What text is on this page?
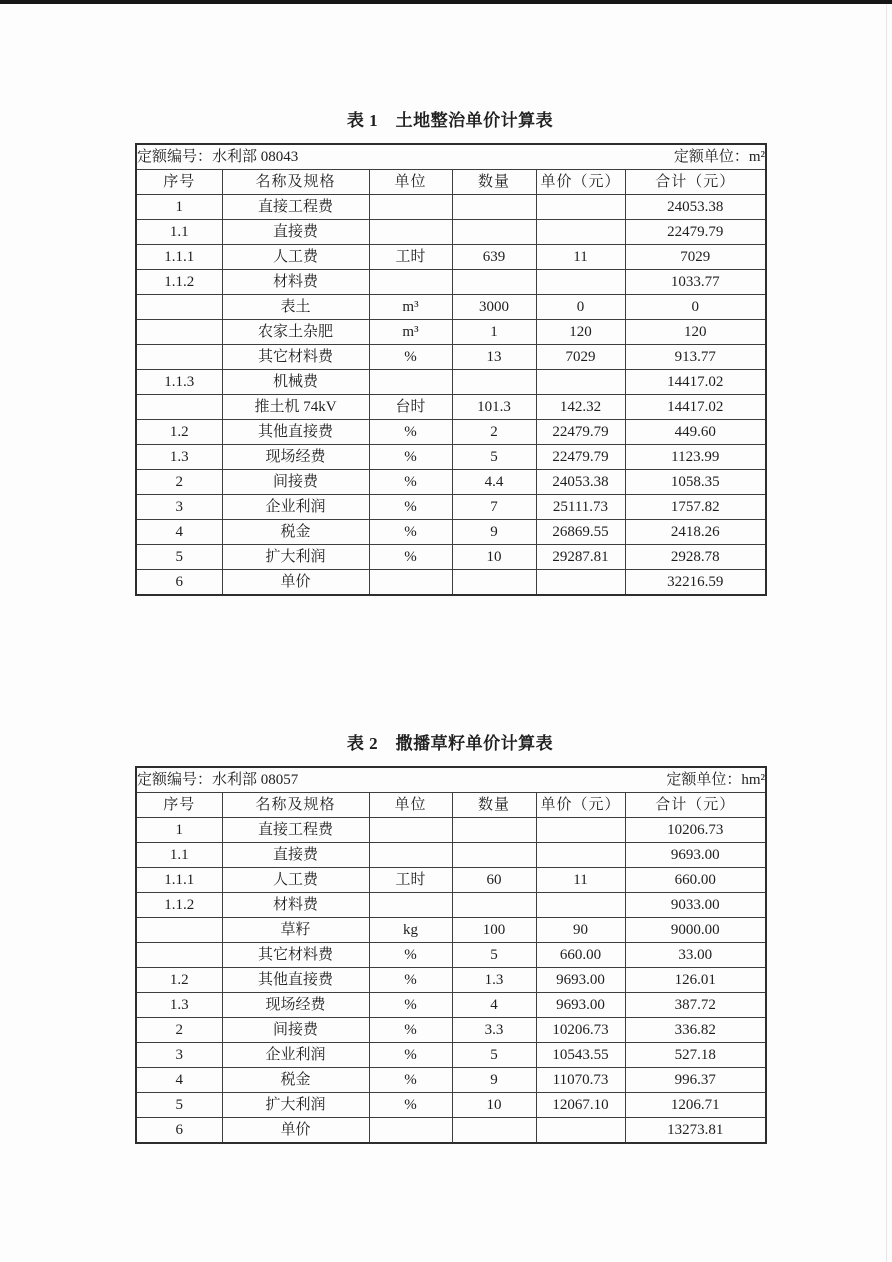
表 1　土地整治单价计算表
定额编号：水利部 08043 定额单位：m²					

序号	名称及规格	单位	数量	单价（元）	合计（元）
1	直接工程费				24053.38
1.1	直接费				22479.79
1.1.1	人工费	工时	639	11	7029
1.1.2	材料费				1033.77
	表土	m³	3000	0	0
	农家土杂肥	m³	1	120	120
	其它材料费	%	13	7029	913.77
1.1.3	机械费				14417.02
	推土机 74kV	台时	101.3	142.32	14417.02
1.2	其他直接费	%	2	22479.79	449.60
1.3	现场经费	%	5	22479.79	1123.99
2	间接费	%	4.4	24053.38	1058.35
3	企业利润	%	7	25111.73	1757.82
4	税金	%	9	26869.55	2418.26
5	扩大利润	%	10	29287.81	2928.78
6	单价				32216.59
表 2　撒播草籽单价计算表
定额编号：水利部 08057 定额单位：hm²					

序号	名称及规格	单位	数量	单价（元）	合计（元）
1	直接工程费				10206.73
1.1	直接费				9693.00
1.1.1	人工费	工时	60	11	660.00
1.1.2	材料费				9033.00
	草籽	kg	100	90	9000.00
	其它材料费	%	5	660.00	33.00
1.2	其他直接费	%	1.3	9693.00	126.01
1.3	现场经费	%	4	9693.00	387.72
2	间接费	%	3.3	10206.73	336.82
3	企业利润	%	5	10543.55	527.18
4	税金	%	9	11070.73	996.37
5	扩大利润	%	10	12067.10	1206.71
6	单价				13273.81
